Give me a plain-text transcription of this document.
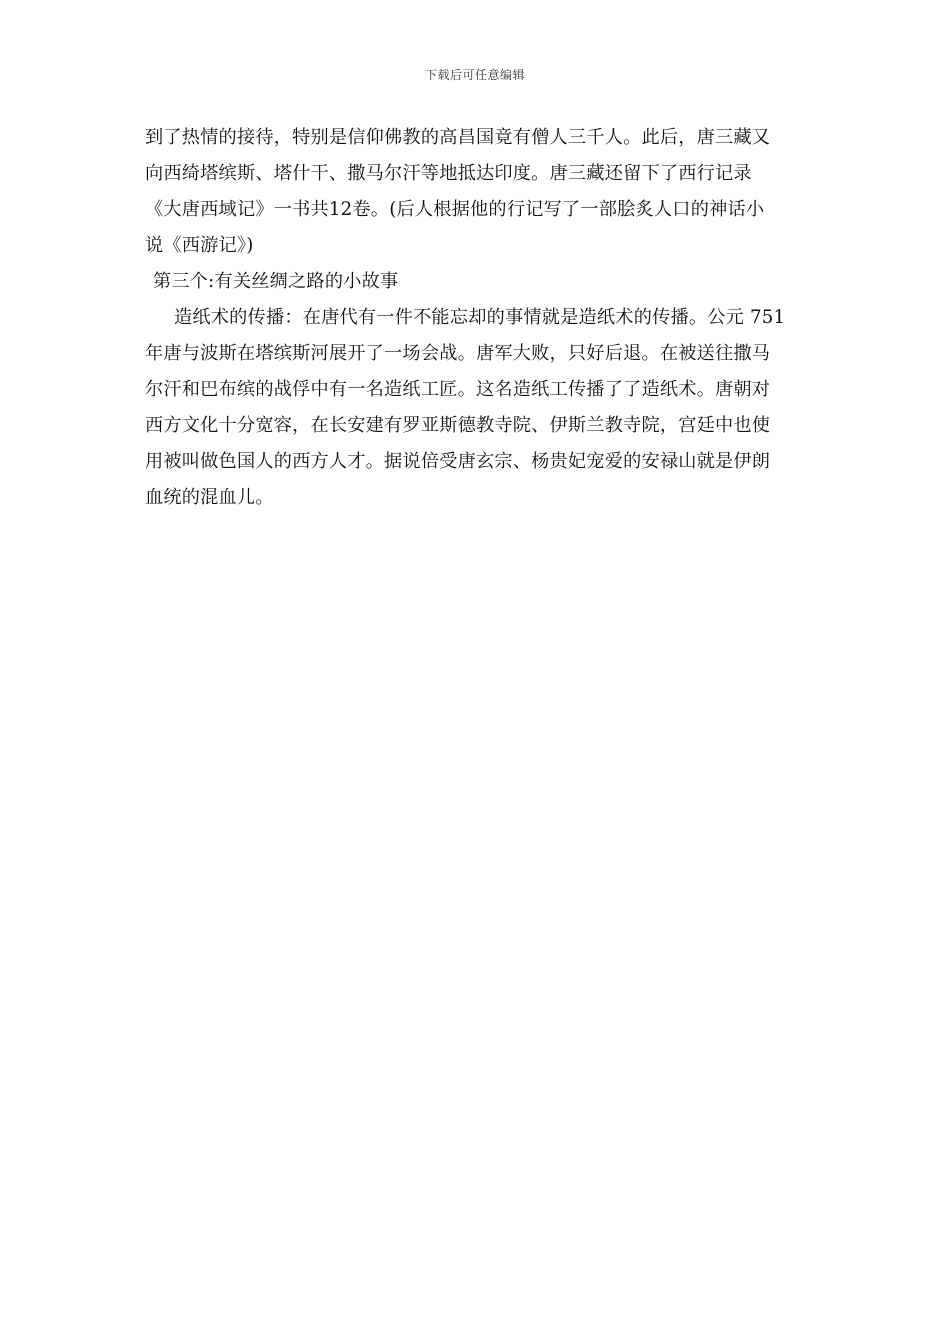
下载后可任意编辑
到了热情的接待，特别是信仰佛教的高昌国竟有僧人三千人。此后，唐三藏又
向西绮塔缤斯、塔什干、撒马尔汗等地抵达印度。唐三藏还留下了西行记录
《大唐西域记》一书共12卷。(后人根据他的行记写了一部脍炙人口的神话小
说《西游记》)
第三个:有关丝绸之路的小故事
造纸术的传播：在唐代有一件不能忘却的事情就是造纸术的传播。公元 751
年唐与波斯在塔缤斯河展开了一场会战。唐军大败，只好后退。在被送往撒马
尔汗和巴布缤的战俘中有一名造纸工匠。这名造纸工传播了了造纸术。唐朝对
西方文化十分宽容，在长安建有罗亚斯德教寺院、伊斯兰教寺院，宫廷中也使
用被叫做色国人的西方人才。据说倍受唐玄宗、杨贵妃宠爱的安禄山就是伊朗
血统的混血儿。
